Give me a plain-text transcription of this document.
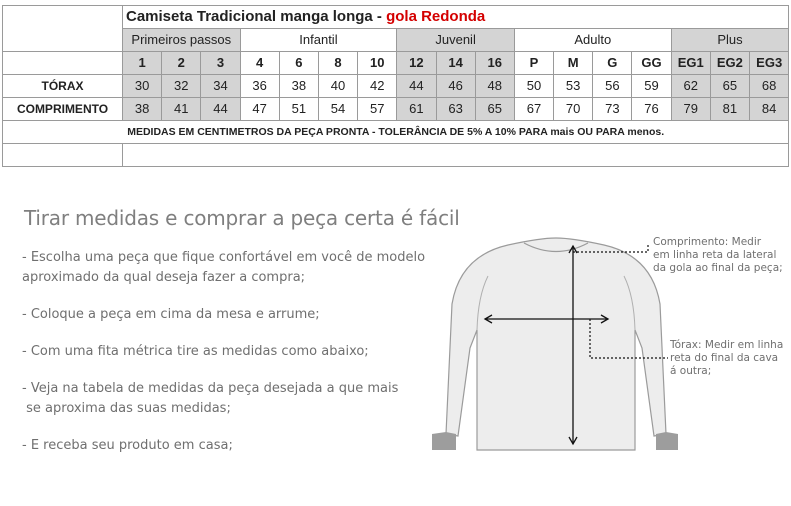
	Camiseta Tradicional manga longa - gola Redonda																
	Primeiros passos			Infantil				Juvenil			Adulto				Plus		
	1	2	3	4	6	8	10	12	14	16	P	M	G	GG	EG1	EG2	EG3
TÓRAX	30	32	34	36	38	40	42	44	46	48	50	53	56	59	62	65	68
COMPRIMENTO	38	41	44	47	51	54	57	61	63	65	67	70	73	76	79	81	84
MEDIDAS EM CENTIMETROS DA PEÇA PRONTA - TOLERÂNCIA DE 5% A 10% PARA mais OU PARA menos.																	

Tirar medidas e comprar a peça certa é fácil
- Escolha uma peça que fique confortável em você de modelo
aproximado da qual deseja fazer a compra;
- Coloque a peça em cima da mesa e arrume;
- Com uma fita métrica tire as medidas como abaixo;
- Veja na tabela de medidas da peça desejada a que mais
se aproxima das suas medidas;
- E receba seu produto em casa;
Comprimento: Medir
em linha reta da lateral
da gola ao final da peça;
Tórax: Medir em linha
reta do final da cava
á outra;
